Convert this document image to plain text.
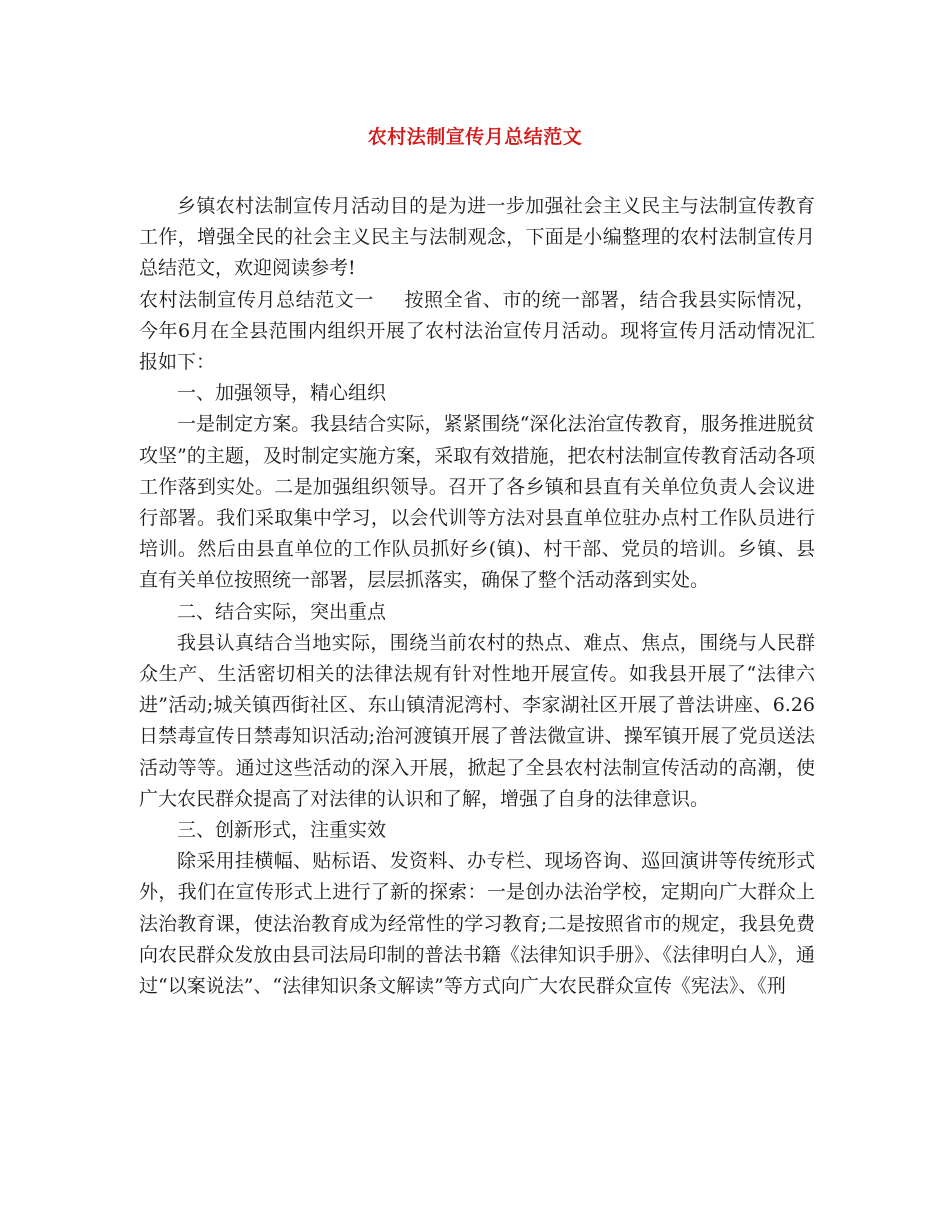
农村法制宣传月总结范文

乡镇农村法制宣传月活动目的是为进一步加强社会主义民主与法制宣传教育工作，增强全民的社会主义民主与法制观念，下面是小编整理的农村法制宣传月总结范文，欢迎阅读参考!

农村法制宣传月总结范文一 按照全省、市的统一部署，结合我县实际情况，今年6月在全县范围内组织开展了农村法治宣传月活动。现将宣传月活动情况汇报如下：

一、加强领导，精心组织

一是制定方案。我县结合实际，紧紧围绕“深化法治宣传教育，服务推进脱贫攻坚”的主题，及时制定实施方案，采取有效措施，把农村法制宣传教育活动各项工作落到实处。二是加强组织领导。召开了各乡镇和县直有关单位负责人会议进行部署。我们采取集中学习，以会代训等方法对县直单位驻办点村工作队员进行培训。然后由县直单位的工作队员抓好乡(镇)、村干部、党员的培训。乡镇、县直有关单位按照统一部署，层层抓落实，确保了整个活动落到实处。

二、结合实际，突出重点

我县认真结合当地实际，围绕当前农村的热点、难点、焦点，围绕与人民群众生产、生活密切相关的法律法规有针对性地开展宣传。如我县开展了“法律六进”活动;城关镇西街社区、东山镇清泥湾村、李家湖社区开展了普法讲座、6.26日禁毒宣传日禁毒知识活动;治河渡镇开展了普法微宣讲、操军镇开展了党员送法活动等等。通过这些活动的深入开展，掀起了全县农村法制宣传活动的高潮，使广大农民群众提高了对法律的认识和了解，增强了自身的法律意识。

三、创新形式，注重实效

除采用挂横幅、贴标语、发资料、办专栏、现场咨询、巡回演讲等传统形式外，我们在宣传形式上进行了新的探索：一是创办法治学校，定期向广大群众上法治教育课，使法治教育成为经常性的学习教育;二是按照省市的规定，我县免费向农民群众发放由县司法局印制的普法书籍《法律知识手册》、《法律明白人》，通过“以案说法”、“法律知识条文解读”等方式向广大农民群众宣传《宪法》、《刑
